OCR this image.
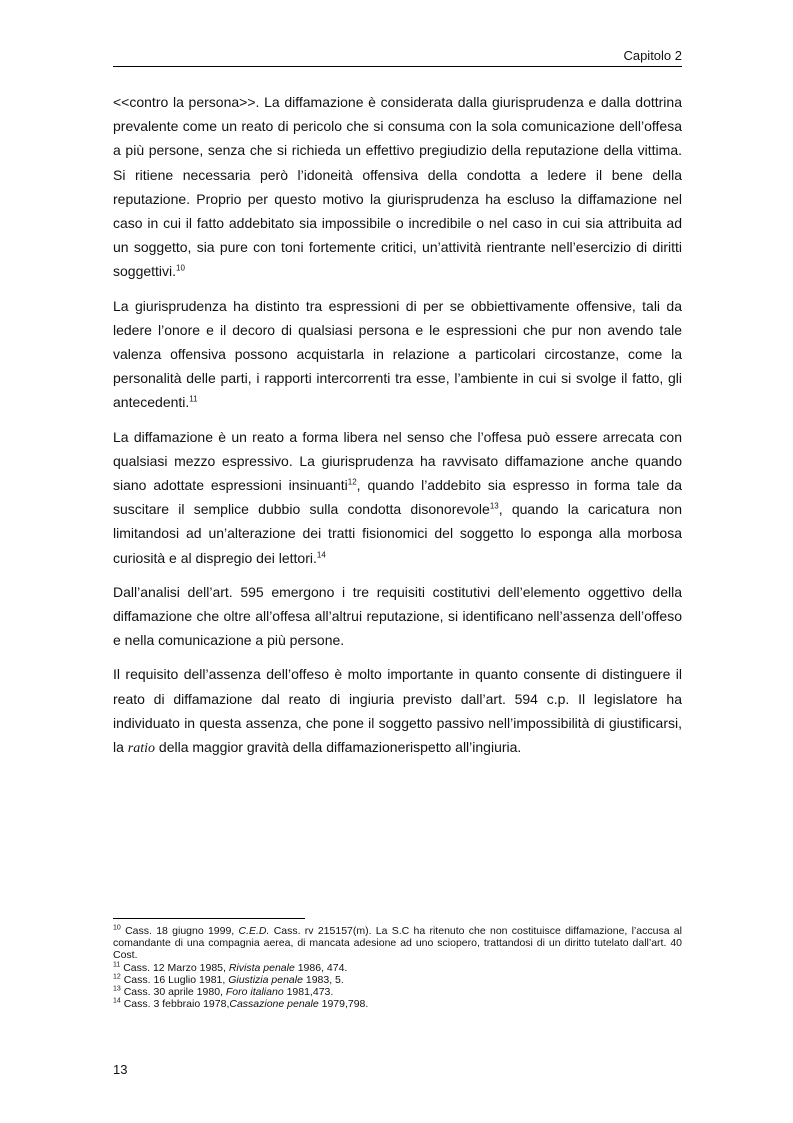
Capitolo 2

<<contro la persona>>. La diffamazione è considerata dalla giurisprudenza e dalla dottrina prevalente come un reato di pericolo che si consuma con la sola comunicazione dell’offesa a più persone, senza che si richieda un effettivo pregiudizio della reputazione della vittima. Si ritiene necessaria però l’idoneità offensiva della condotta a ledere il bene della reputazione. Proprio per questo motivo la giurisprudenza ha escluso la diffamazione nel caso in cui il fatto addebitato sia impossibile o incredibile o nel caso in cui sia attribuita ad un soggetto, sia pure con toni fortemente critici, un’attività rientrante nell’esercizio di diritti soggettivi.$^{10}$

La giurisprudenza ha distinto tra espressioni di per se obbiettivamente offensive, tali da ledere l’onore e il decoro di qualsiasi persona e le espressioni che pur non avendo tale valenza offensiva possono acquistarla in relazione a particolari circostanze, come la personalità delle parti, i rapporti intercorrenti tra esse, l’ambiente in cui si svolge il fatto, gli antecedenti.$^{11}$

La diffamazione è un reato a forma libera nel senso che l’offesa può essere arrecata con qualsiasi mezzo espressivo. La giurisprudenza ha ravvisato diffamazione anche quando siano adottate espressioni insinuanti$^{12}$, quando l’addebito sia espresso in forma tale da suscitare il semplice dubbio sulla condotta disonorevole$^{13}$, quando la caricatura non limitandosi ad un’alterazione dei tratti fisionomici del soggetto lo esponga alla morbosa curiosità e al dispregio dei lettori.$^{14}$

Dall’analisi dell’art. 595 emergono i tre requisiti costitutivi dell’elemento oggettivo della diffamazione che oltre all’offesa all’altrui reputazione, si identificano nell’assenza dell’offeso e nella comunicazione a più persone.

Il requisito dell’assenza dell’offeso è molto importante in quanto consente di distinguere il reato di diffamazione dal reato di ingiuria previsto dall’art. 594 c.p. Il legislatore ha individuato in questa assenza, che pone il soggetto passivo nell’impossibilità di giustificarsi, la ratio della maggior gravità della diffamazionerispetto all’ingiuria.

$^{10}$ Cass. 18 giugno 1999, C.E.D. Cass. rv 215157(m). La S.C ha ritenuto che non costituisce diffamazione, l’accusa al comandante di una compagnia aerea, di mancata adesione ad uno sciopero, trattandosi di un diritto tutelato dall’art. 40 Cost.

$^{11}$ Cass. 12 Marzo 1985, Rivista penale 1986, 474.

$^{12}$ Cass. 16 Luglio 1981, Giustizia penale 1983, 5.

$^{13}$ Cass. 30 aprile 1980, Foro italiano 1981,473.

$^{14}$ Cass. 3 febbraio 1978,Cassazione penale 1979,798.

13
